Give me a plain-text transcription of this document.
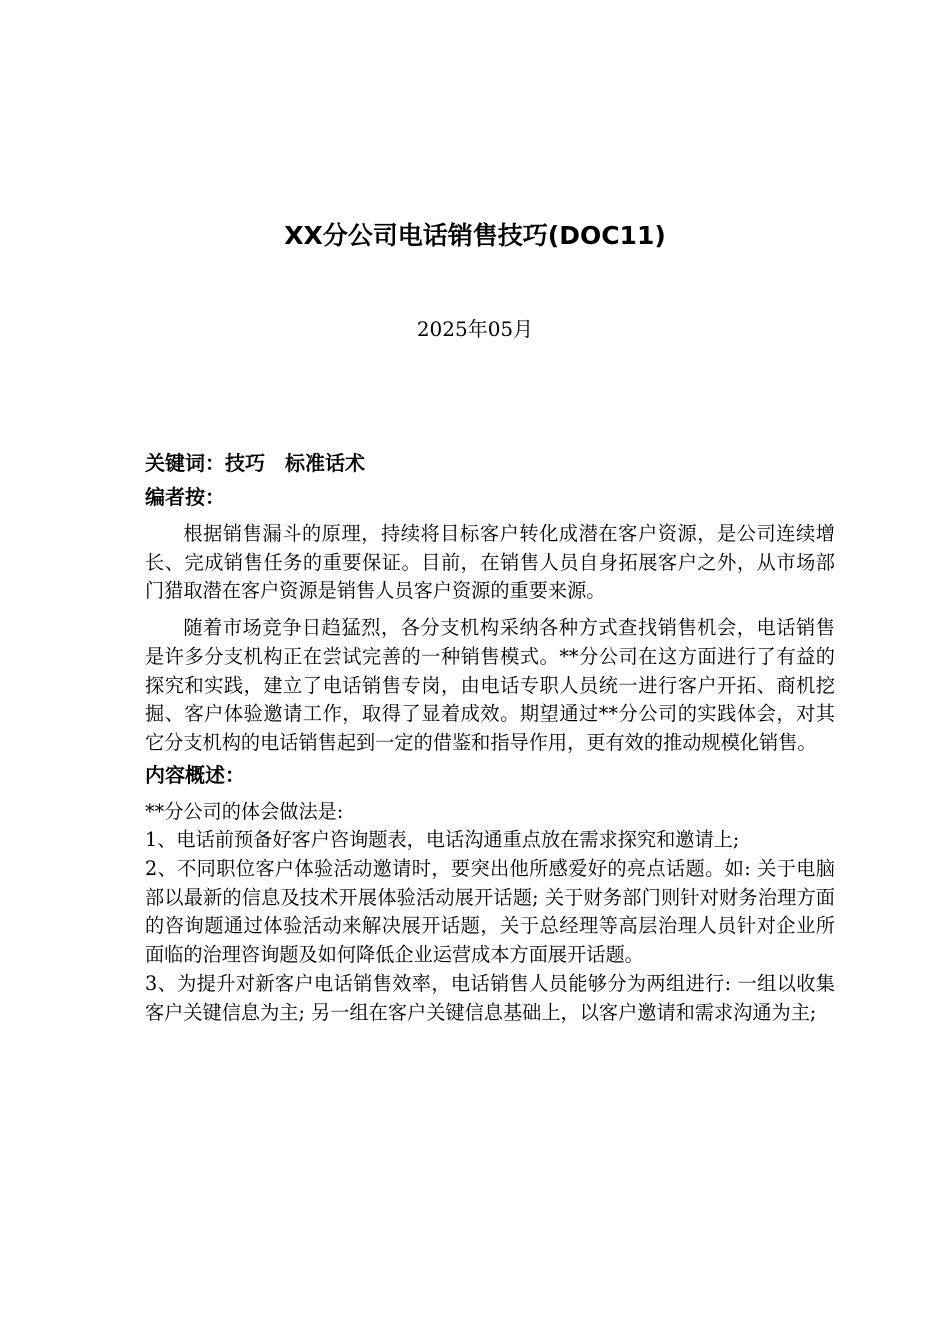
XX分公司电话销售技巧(DOC11)
2025年05月

关键词：技巧　标准话术

编者按：

根据销售漏斗的原理，持续将目标客户转化成潜在客户资源，是公司连续增长、完成销售任务的重要保证。目前，在销售人员自身拓展客户之外，从市场部门猎取潜在客户资源是销售人员客户资源的重要来源。

随着市场竞争日趋猛烈，各分支机构采纳各种方式查找销售机会，电话销售是许多分支机构正在尝试完善的一种销售模式。**分公司在这方面进行了有益的探究和实践，建立了电话销售专岗，由电话专职人员统一进行客户开拓、商机挖掘、客户体验邀请工作，取得了显着成效。期望通过**分公司的实践体会，对其它分支机构的电话销售起到一定的借鉴和指导作用，更有效的推动规模化销售。

内容概述：

**分公司的体会做法是:

1、电话前预备好客户咨询题表，电话沟通重点放在需求探究和邀请上;

2、不同职位客户体验活动邀请时，要突出他所感爱好的亮点话题。如: 关于电脑部以最新的信息及技术开展体验活动展开话题; 关于财务部门则针对财务治理方面的咨询题通过体验活动来解决展开话题，关于总经理等高层治理人员针对企业所面临的治理咨询题及如何降低企业运营成本方面展开话题。

3、为提升对新客户电话销售效率，电话销售人员能够分为两组进行: 一组以收集客户关键信息为主; 另一组在客户关键信息基础上，以客户邀请和需求沟通为主;
